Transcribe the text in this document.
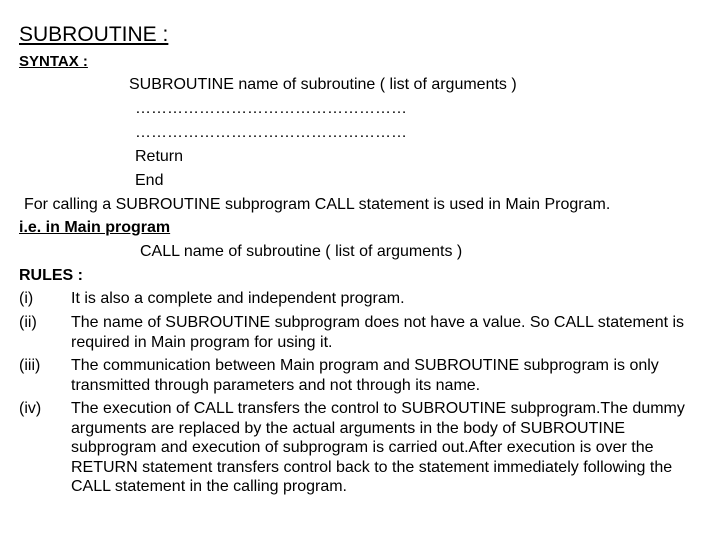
SUBROUTINE :
SYNTAX :
SUBROUTINE name of subroutine ( list of arguments )
……………………………………………
……………………………………………
Return
End
For calling a SUBROUTINE subprogram CALL statement is used in Main Program.
i.e. in Main program
CALL name of subroutine ( list of arguments )
RULES :
(i) It is also a complete and independent program.
(ii) The name of SUBROUTINE subprogram does not have a value. So CALL statement is required in Main program for using it.
(iii) The communication between Main program and SUBROUTINE subprogram is only transmitted through parameters and not through its name.
(iv) The execution of CALL transfers the control to SUBROUTINE subprogram.The dummy arguments are replaced by the actual arguments in the body of SUBROUTINE subprogram and execution of subprogram is carried out.After execution is over the RETURN statement transfers control back to the statement immediately following the CALL statement in the calling program.
